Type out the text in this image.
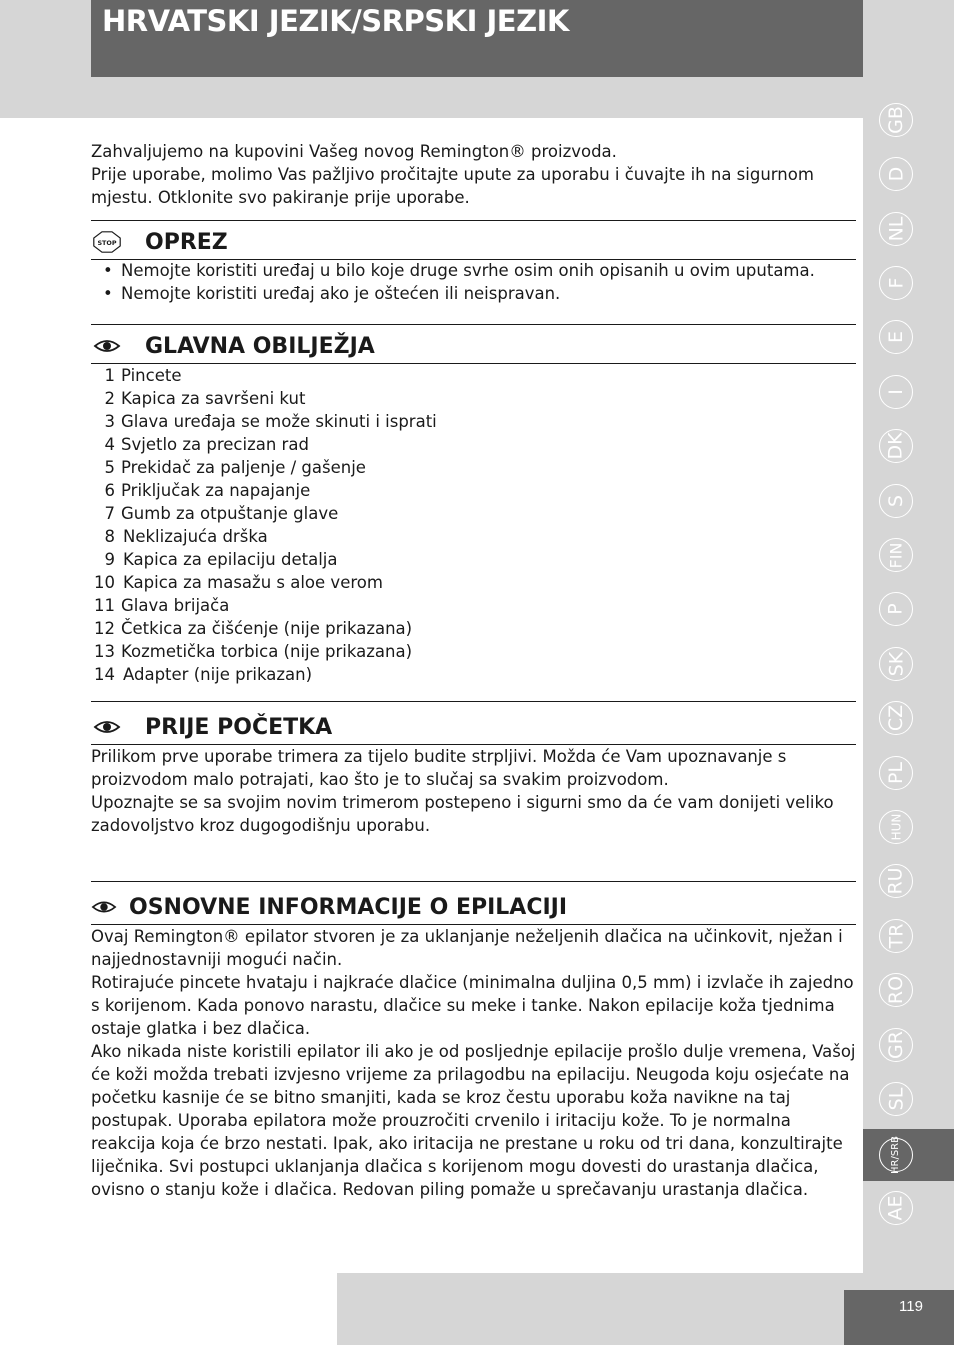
HRVATSKI JEZIK/SRPSKI JEZIK

Zahvaljujemo na kupovini Vašeg novog Remington® proizvoda.

Prije uporabe, molimo Vas pažljivo pročitajte upute za uporabu i čuvajte ih na sigurnom mjestu. Otklonite svo pakiranje prije uporabe.

STOP OPREZ
• Nemojte koristiti uređaj u bilo koje druge svrhe osim onih opisanih u ovim uputama.
• Nemojte koristiti uređaj ako je oštećen ili neispravan.
GLAVNA OBILJEŽJA
1 Pincete
2 Kapica za savršeni kut
3 Glava uređaja se može skinuti i isprati
4 Svjetlo za precizan rad
5 Prekidač za paljenje / gašenje
6 Priključak za napajanje
7 Gumb za otpuštanje glave
8 Neklizajuća drška
9 Kapica za epilaciju detalja
10 Kapica za masažu s aloe verom
11 Glava brijača
12 Četkica za čišćenje (nije prikazana)
13 Kozmetička torbica (nije prikazana)
14 Adapter (nije prikazan)
PRIJE POČETKA

Prilikom prve uporabe trimera za tijelo budite strpljivi. Možda će Vam upoznavanje s proizvodom malo potrajati, kao što je to slučaj sa svakim proizvodom.

Upoznajte se sa svojim novim trimerom postepeno i sigurni smo da će vam donijeti veliko zadovoljstvo kroz dugogodišnju uporabu.

OSNOVNE INFORMACIJE O EPILACIJI

Ovaj Remington® epilator stvoren je za uklanjanje neželjenih dlačica na učinkovit, nježan i najjednostavniji mogući način.

Rotirajuće pincete hvataju i najkraće dlačice (minimalna duljina 0,5 mm) i izvlače ih zajedno s korijenom. Kada ponovo narastu, dlačice su meke i tanke. Nakon epilacije koža tjednima ostaje glatka i bez dlačica.

Ako nikada niste koristili epilator ili ako je od posljednje epilacije prošlo dulje vremena, Vašoj će koži možda trebati izvjesno vrijeme za prilagodbu na epilaciju. Neugoda koju osjećate na početku kasnije će se bitno smanjiti, kada se kroz čestu uporabu koža navikne na taj postupak. Uporaba epilatora može prouzročiti crvenilo i iritaciju kože. To je normalna reakcija koja će brzo nestati. Ipak, ako iritacija ne prestane u roku od tri dana, konzultirajte liječnika. Svi postupci uklanjanja dlačica s korijenom mogu dovesti do urastanja dlačica, ovisno o stanju kože i dlačica. Redovan piling pomaže u sprečavanju urastanja dlačica.

GB
D
NL
F
E
I
DK
S
FIN
P
SK
CZ
PL
HUN
RU
TR
RO
GR
SL
HR/SRB
AE
119
